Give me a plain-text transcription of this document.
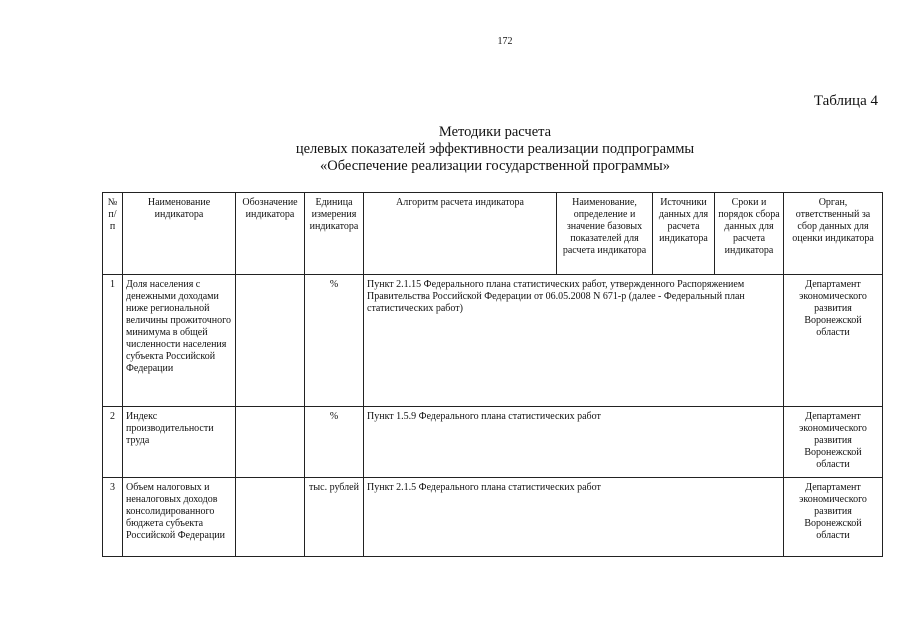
172
Таблица 4
Методики расчета
целевых показателей эффективности реализации подпрограммы
«Обеспечение реализации государственной программы»
№ п/п	Наименование индикатора	Обозначение индикатора	Единица измерения индикатора	Алгоритм расчета индикатора	Наименование, определение и значение базовых показателей для расчета индикатора	Источники данных для расчета индикатора	Сроки и порядок сбора данных для расчета индикатора	Орган, ответственный за сбор данных для оценки индикатора
1	Доля населения с денежными доходами ниже региональной величины прожиточного минимума в общей численности населения субъекта Российской Федерации		%	Пункт 2.1.15 Федерального плана статистических работ, утвержденного Распоряжением Правительства Российской Федерации от 06.05.2008 N 671-р (далее - Федеральный план статистических работ)				Департамент экономического развития Воронежской области
2	Индекс производительности труда		%	Пункт 1.5.9 Федерального плана статистических работ				Департамент экономического развития Воронежской области
3	Объем налоговых и неналоговых доходов консолидированного бюджета субъекта Российской Федерации		тыс. рублей	Пункт 2.1.5 Федерального плана статистических работ				Департамент экономического развития Воронежской области
